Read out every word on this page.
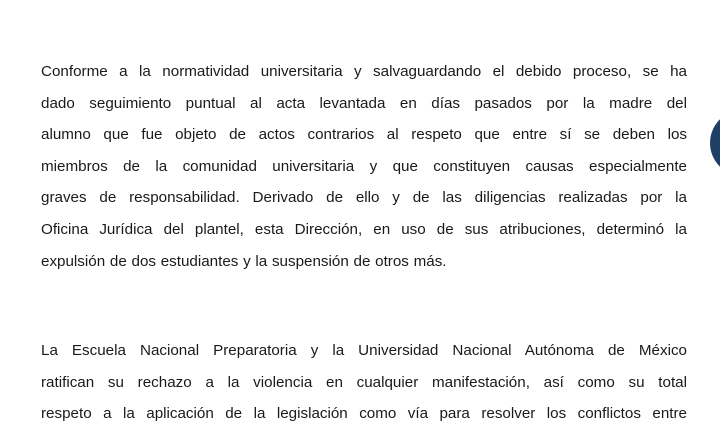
Conforme a la normatividad universitaria y salvaguardando el debido proceso, se ha
dado seguimiento puntual al acta levantada en días pasados por la madre del
alumno que fue objeto de actos contrarios al respeto que entre sí se deben los
miembros de la comunidad universitaria y que constituyen causas especialmente
graves de responsabilidad. Derivado de ello y de las diligencias realizadas por la
Oficina Jurídica del plantel, esta Dirección, en uso de sus atribuciones, determinó la
expulsión de dos estudiantes y la suspensión de otros más.
La Escuela Nacional Preparatoria y la Universidad Nacional Autónoma de México
ratifican su rechazo a la violencia en cualquier manifestación, así como su total
respeto a la aplicación de la legislación como vía para resolver los conflictos entre
